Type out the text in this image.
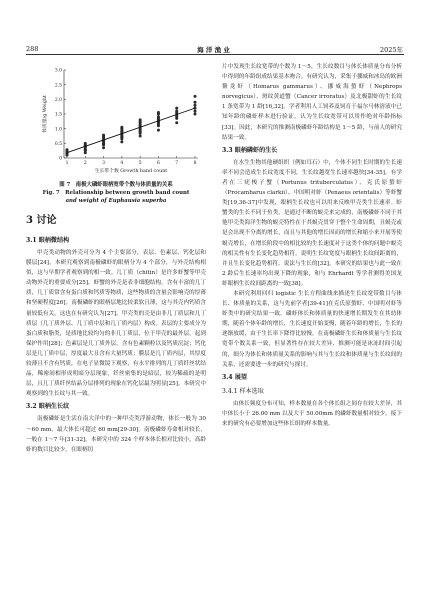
288	海 洋 渔 业	2025年
0
0.5
1.0
1.5
2.0
2.5
3.0
1	2	3	4	5	6	7	8
生长带个数 Growth band count
体质量/g Weight
图 7　南极大磷虾眼柄宽带个数与体质量的关系
Fig. 7　Relationship between growth band count
and weight of Euphausia superba
3 讨论
3.1 眼柄微结构

甲壳类动物的外壳可分为 4 个主要部分，表层、色素层、钙化层和膜层[24]。本研究观察到南极磷虾的眼柄分为 4 个部分，与外壳结构相似，这与早期学者观察到的相一致。几丁质（chitin）是许多虾蟹等甲壳动物外壳的重要成分[25]，虾蟹的外壳是表非细胞结构，含有丰富的几丁质，几丁质常含有蛋白质和钙质等物质，这些物质的含量会影响壳的厚薄和坚硬程度[26]。南极磷虾的眼柄层地比较柔软且薄，这与其壳内钙质含量较低有关，这也在有研究认为[27]，甲壳类的壳是由非几丁质层和几丁质层（几丁质外层、几丁质中层和几丁质内层）构成。表层的主要成分为蛋白质和脂类，是质地比较均匀的非几丁质层，位于甲壳的最外层，起到保护作用[28]；色素层是几丁质外层，含有色素颗粒以及钙质沉淀；钙化层是几丁质中层，厚度最大且含有大量钙质；膜层是几丁质内层，其厚度较薄且不含有钙质，在电子显微镜下观察，有水平排列的几丁质纤丝状结晶，稀密间相形成明暗分层现象，纤丝密集的是暗层，较为稀疏的是明层，且几丁质纤丝结晶分层排列的现象在钙化层最为明显[25]。本研究中观察到的生长纹与其一致。

3.2 眼柄生长纹

南极磷虾是生活在南大洋中的一种甲壳类浮游动物，体长一般为 30～60 mm，最大体长可超过 60 mm[29-30]。南极磷虾寿命相对较长，一般在 1～7 年[31-32]。本研究中的 324 个样本体长相对比较小，高龄虾的数目比较少，在眼柄切

片中发现生长纹宽带的个数为 1～5，生长纹数目与体长体质量分布分析中得到的年龄组成结果基本吻合。有研究认为，采集于挪威和冰岛的欧洲鳌龙虾（Homarus gammarus）、挪威海螯虾（Nephrops norvegicus）、斑纹黄道蟹（Cancer irroratus）及北极甜虾的生长纹 1 条宽带为 1 龄[16,32]。学者利用人工饲养及饲育于福尔马林溶液中已知年龄的磷虾样本进行验证，认为生长纹宽带可以用作绝对年龄指标[33]。因此，本研究的推测南极磷虾年龄结构是 1～5 龄，与前人的研究结果一致。

3.3 眼柄磷虾的生长

在水生生物其他硬组织（例如耳石）中，个体不同生长时期的生长速率不同会造成生长纹宽度不同，生长纹越宽生长速率越快[34-35]。有学者在三疣梭子蟹（Portunus trituberculatus）、克氏原螯虾（Procambarus clarkii）、中国明对虾（Penaeus orientalis）等虾蟹类[19,36-37]中发现，眼柄生长纹也可以用来反映甲壳类生长速率。虾蟹类的生长不同于鱼类，是通过不断的蜕壳来完成的，南极磷虾不同于其他甲壳类海洋生物的蜕壳特性在于其蜕壳贯穿于整个生命周期，且蜕壳或是会出现不分离的增长，而且与其他的增长因而的增长和缩小来开展等使蜕壳增长，在增长阶段中的相比较的生长速度对于这类个体的问题中蜕壳的相关性有生长变化趋势相符。说明生长纹宽度与眼柄生长纹间距离的，并且生长变化趋势相符。说法与生长的[32]。本研究的结果也与此一致在 2 龄后生长速率均出现下降的现象，和与 Ehrhardt 等学者测得美国龙虾眼柄生长纹间距离的一致[38]。

本研究利用回归 logistic 生长方程曲线来描述生长纹宽带数目与体长、体质量的关系，这与先前学者[39-41]在克氏原螯虾、中国明对虾等虾类中的研究结果一致。磷虾体长和体质量的快速增长期发生在其幼体期，随着个体年龄的增长，生长速度开始变慢，随着年龄的增长，生长的逐渐放缓，由于生长率下降得比较慢，在南极磷虾生长和体质量与生长纹宽带个数关系一致，但显著性存在较大差异，推测可能是冰冻时间引起的，细分为体长和体质量关系的影响与其与生长纹和体质量与生长纹间的关系，还需要进一步的研究与探讨。

3.4 展望
3.4.1 样本选取

由体长频度分布可知，样本数量在各个体长组之间存在较大差异，其中体长小于 26.00 mm 以及大于 50.00mm 的磷虾数量相对较少，接下来的研究有必要增加这些体长组的样本数量。
